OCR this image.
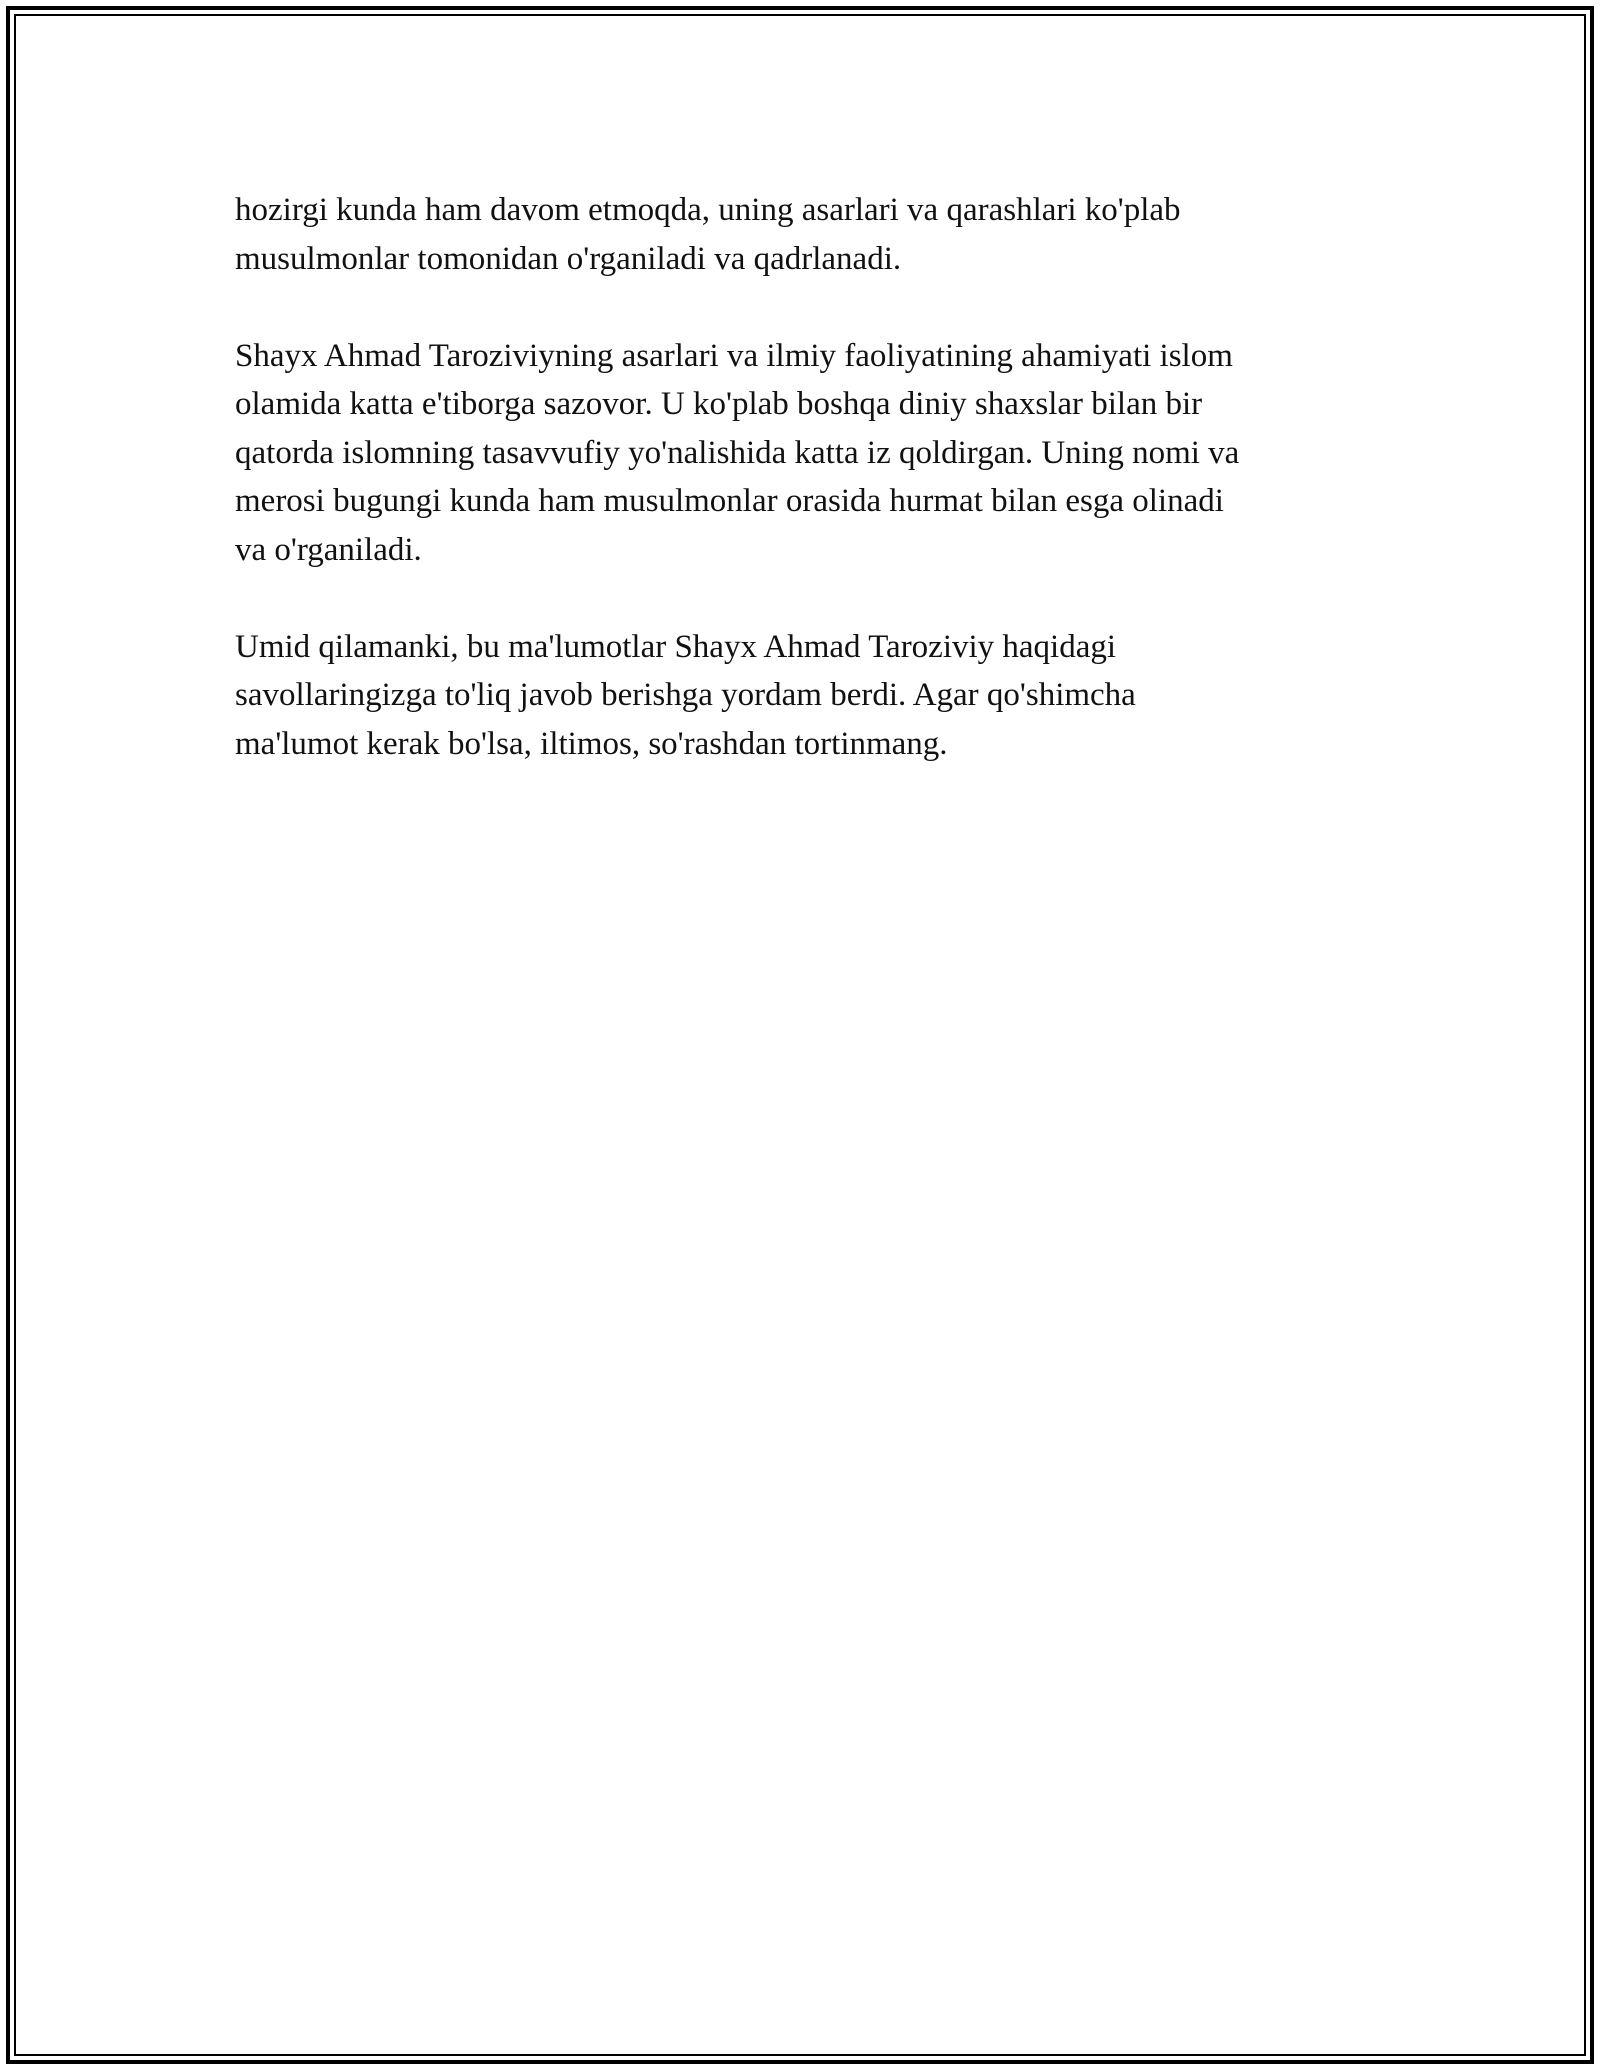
hozirgi kunda ham davom etmoqda, uning asarlari va qarashlari ko'plab
musulmonlar tomonidan o'rganiladi va qadrlanadi.

Shayx Ahmad Taroziviyning asarlari va ilmiy faoliyatining ahamiyati islom
olamida katta e'tiborga sazovor. U ko'plab boshqa diniy shaxslar bilan bir
qatorda islomning tasavvufiy yo'nalishida katta iz qoldirgan. Uning nomi va
merosi bugungi kunda ham musulmonlar orasida hurmat bilan esga olinadi
va o'rganiladi.

Umid qilamanki, bu ma'lumotlar Shayx Ahmad Taroziviy haqidagi
savollaringizga to'liq javob berishga yordam berdi. Agar qo'shimcha
ma'lumot kerak bo'lsa, iltimos, so'rashdan tortinmang.
